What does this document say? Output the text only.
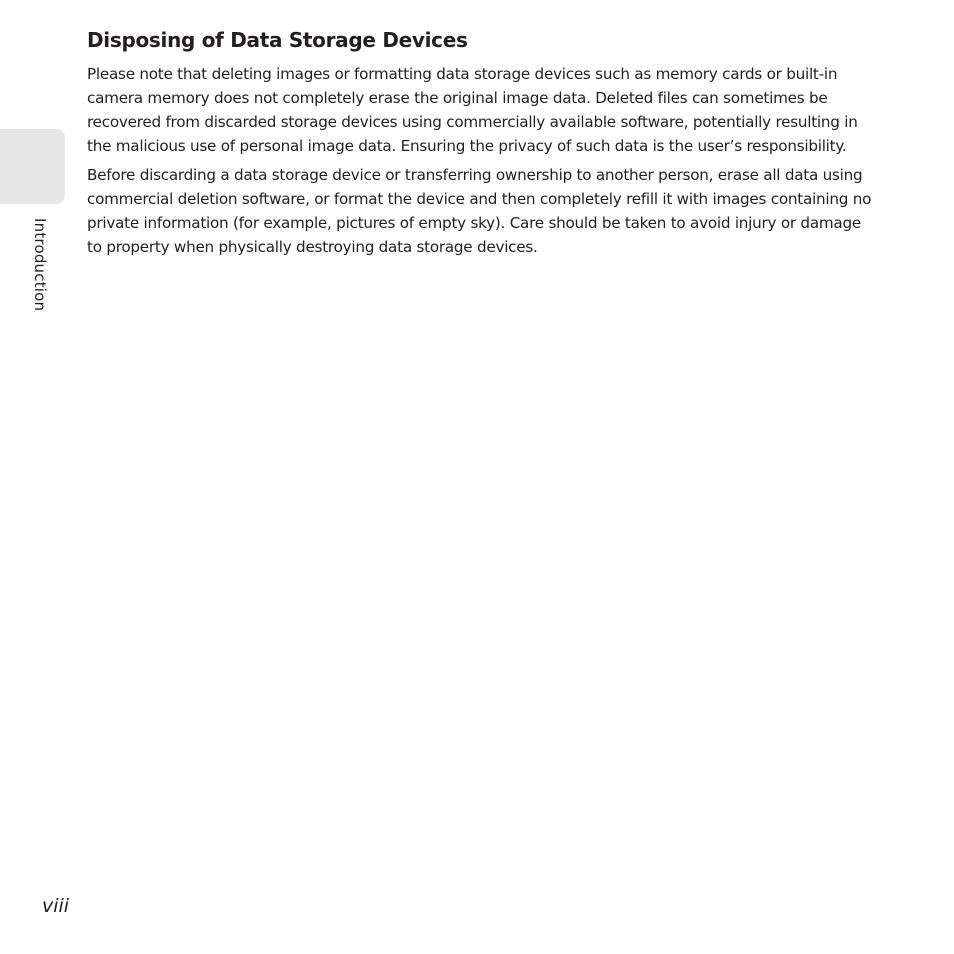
Introduction
Disposing of Data Storage Devices

Please note that deleting images or formatting data storage devices such as memory cards or built-in camera memory does not completely erase the original image data. Deleted files can sometimes be recovered from discarded storage devices using commercially available software, potentially resulting in the malicious use of personal image data. Ensuring the privacy of such data is the user’s responsibility.

Before discarding a data storage device or transferring ownership to another person, erase all data using commercial deletion software, or format the device and then completely refill it with images containing no private information (for example, pictures of empty sky). Care should be taken to avoid injury or damage to property when physically destroying data storage devices.

viii
